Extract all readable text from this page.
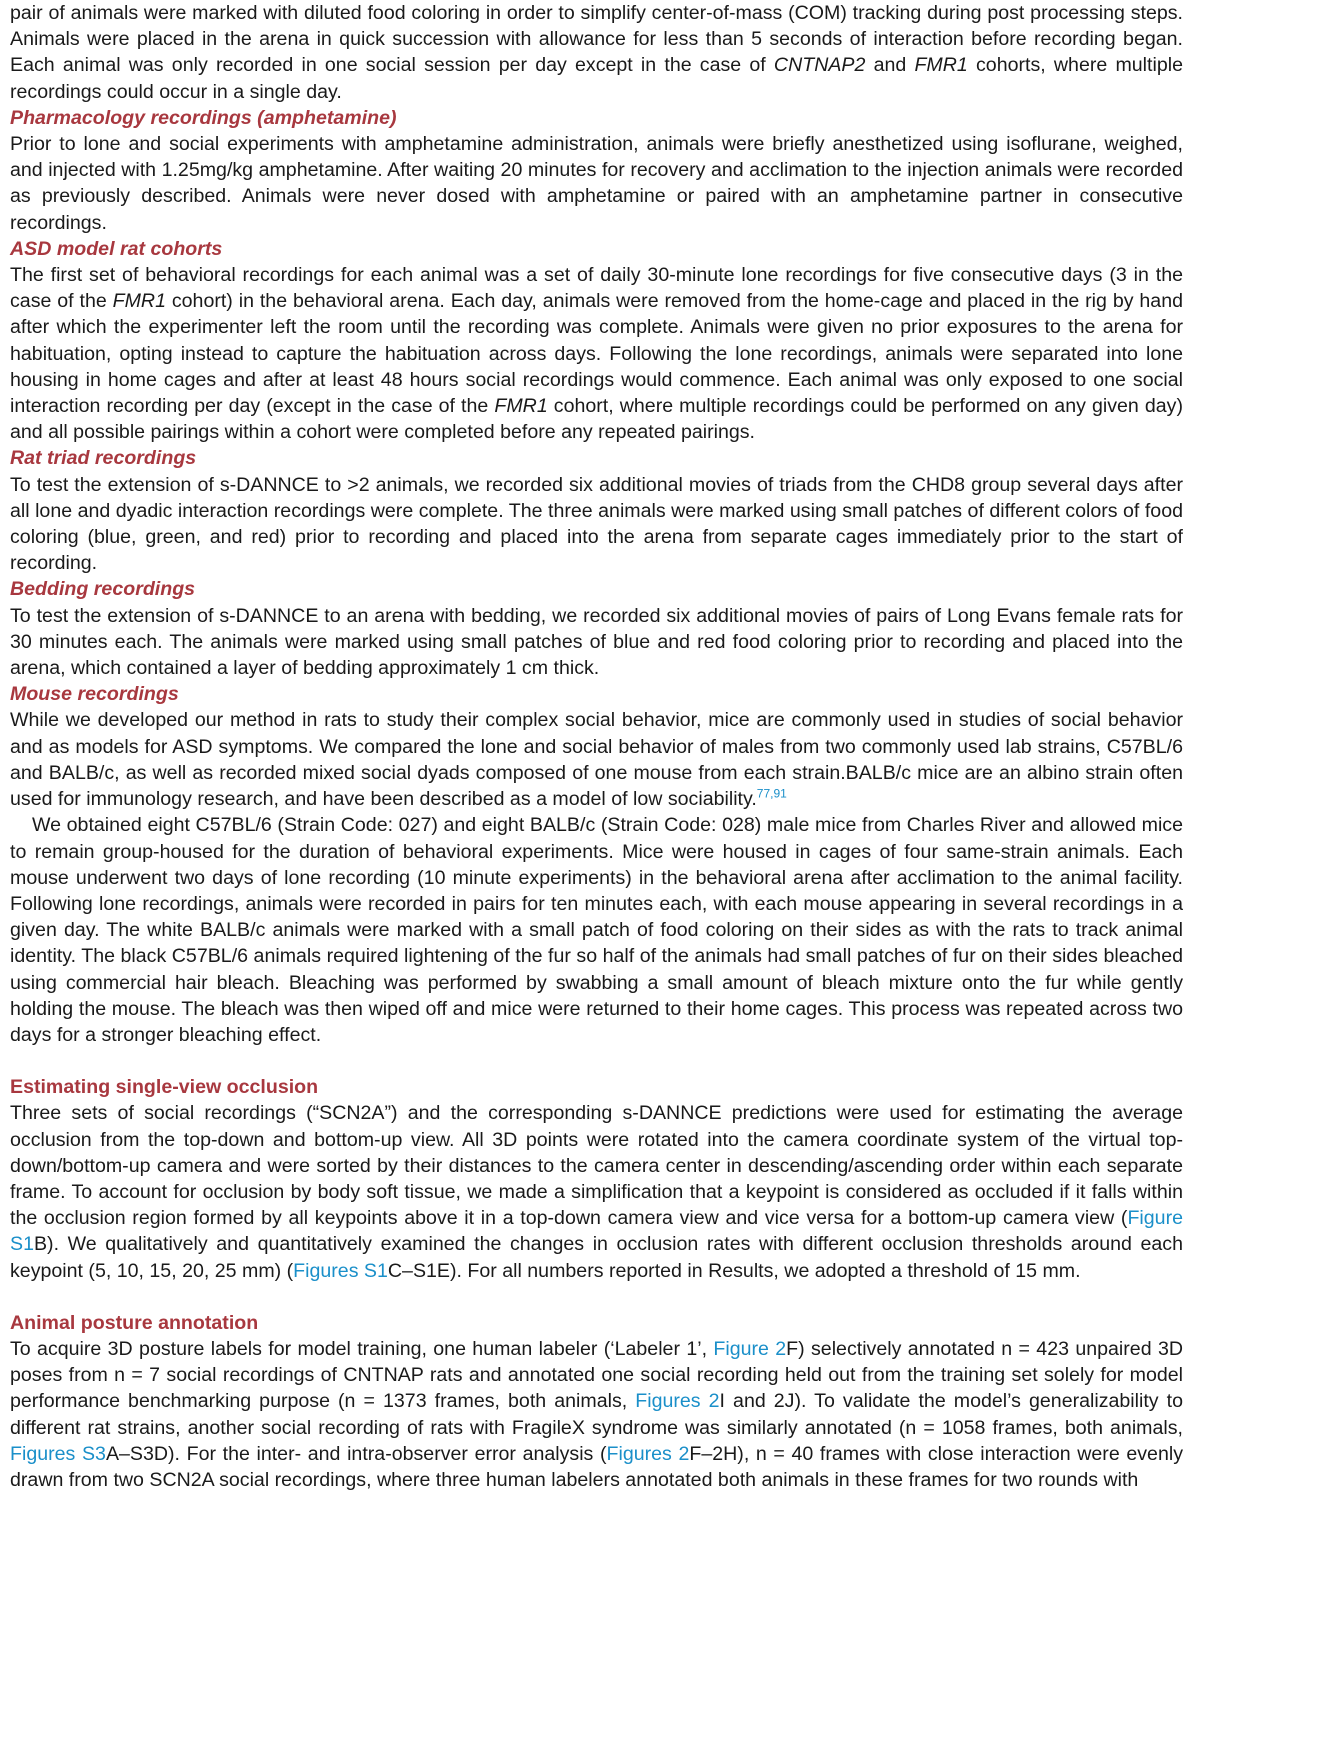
pair of animals were marked with diluted food coloring in order to simplify center-of-mass (COM) tracking during post processing steps. Animals were placed in the arena in quick succession with allowance for less than 5 seconds of interaction before recording began. Each animal was only recorded in one social session per day except in the case of CNTNAP2 and FMR1 cohorts, where multiple recordings could occur in a single day.

Pharmacology recordings (amphetamine)

Prior to lone and social experiments with amphetamine administration, animals were briefly anesthetized using isoflurane, weighed, and injected with 1.25mg/kg amphetamine. After waiting 20 minutes for recovery and acclimation to the injection animals were recorded as previously described. Animals were never dosed with amphetamine or paired with an amphetamine partner in consecutive recordings.

ASD model rat cohorts

The first set of behavioral recordings for each animal was a set of daily 30-minute lone recordings for five consecutive days (3 in the case of the FMR1 cohort) in the behavioral arena. Each day, animals were removed from the home-cage and placed in the rig by hand after which the experimenter left the room until the recording was complete. Animals were given no prior exposures to the arena for habituation, opting instead to capture the habituation across days. Following the lone recordings, animals were separated into lone housing in home cages and after at least 48 hours social recordings would commence. Each animal was only exposed to one social interaction recording per day (except in the case of the FMR1 cohort, where multiple recordings could be performed on any given day) and all possible pairings within a cohort were completed before any repeated pairings.

Rat triad recordings

To test the extension of s-DANNCE to >2 animals, we recorded six additional movies of triads from the CHD8 group several days after all lone and dyadic interaction recordings were complete. The three animals were marked using small patches of different colors of food coloring (blue, green, and red) prior to recording and placed into the arena from separate cages immediately prior to the start of recording.

Bedding recordings

To test the extension of s-DANNCE to an arena with bedding, we recorded six additional movies of pairs of Long Evans female rats for 30 minutes each. The animals were marked using small patches of blue and red food coloring prior to recording and placed into the arena, which contained a layer of bedding approximately 1 cm thick.

Mouse recordings

While we developed our method in rats to study their complex social behavior, mice are commonly used in studies of social behavior and as models for ASD symptoms. We compared the lone and social behavior of males from two commonly used lab strains, C57BL/6 and BALB/c, as well as recorded mixed social dyads composed of one mouse from each strain.BALB/c mice are an albino strain often used for immunology research, and have been described as a model of low sociability.$^{77,91}$

We obtained eight C57BL/6 (Strain Code: 027) and eight BALB/c (Strain Code: 028) male mice from Charles River and allowed mice to remain group-housed for the duration of behavioral experiments. Mice were housed in cages of four same-strain animals. Each mouse underwent two days of lone recording (10 minute experiments) in the behavioral arena after acclimation to the animal facility. Following lone recordings, animals were recorded in pairs for ten minutes each, with each mouse appearing in several recordings in a given day. The white BALB/c animals were marked with a small patch of food coloring on their sides as with the rats to track animal identity. The black C57BL/6 animals required lightening of the fur so half of the animals had small patches of fur on their sides bleached using commercial hair bleach. Bleaching was performed by swabbing a small amount of bleach mixture onto the fur while gently holding the mouse. The bleach was then wiped off and mice were returned to their home cages. This process was repeated across two days for a stronger bleaching effect.

Estimating single-view occlusion

Three sets of social recordings (“SCN2A”) and the corresponding s-DANNCE predictions were used for estimating the average occlusion from the top-down and bottom-up view. All 3D points were rotated into the camera coordinate system of the virtual top-down/bottom-up camera and were sorted by their distances to the camera center in descending/ascending order within each separate frame. To account for occlusion by body soft tissue, we made a simplification that a keypoint is considered as occluded if it falls within the occlusion region formed by all keypoints above it in a top-down camera view and vice versa for a bottom-up camera view (Figure S1B). We qualitatively and quantitatively examined the changes in occlusion rates with different occlusion thresholds around each keypoint (5, 10, 15, 20, 25 mm) (Figures S1C–S1E). For all numbers reported in Results, we adopted a threshold of 15 mm.

Animal posture annotation

To acquire 3D posture labels for model training, one human labeler (‘Labeler 1’, Figure 2F) selectively annotated n = 423 unpaired 3D poses from n = 7 social recordings of CNTNAP rats and annotated one social recording held out from the training set solely for model performance benchmarking purpose (n = 1373 frames, both animals, Figures 2I and 2J). To validate the model’s generalizability to different rat strains, another social recording of rats with FragileX syndrome was similarly annotated (n = 1058 frames, both animals, Figures S3A–S3D). For the inter- and intra-observer error analysis (Figures 2F–2H), n = 40 frames with close interaction were evenly drawn from two SCN2A social recordings, where three human labelers annotated both animals in these frames for two rounds with
